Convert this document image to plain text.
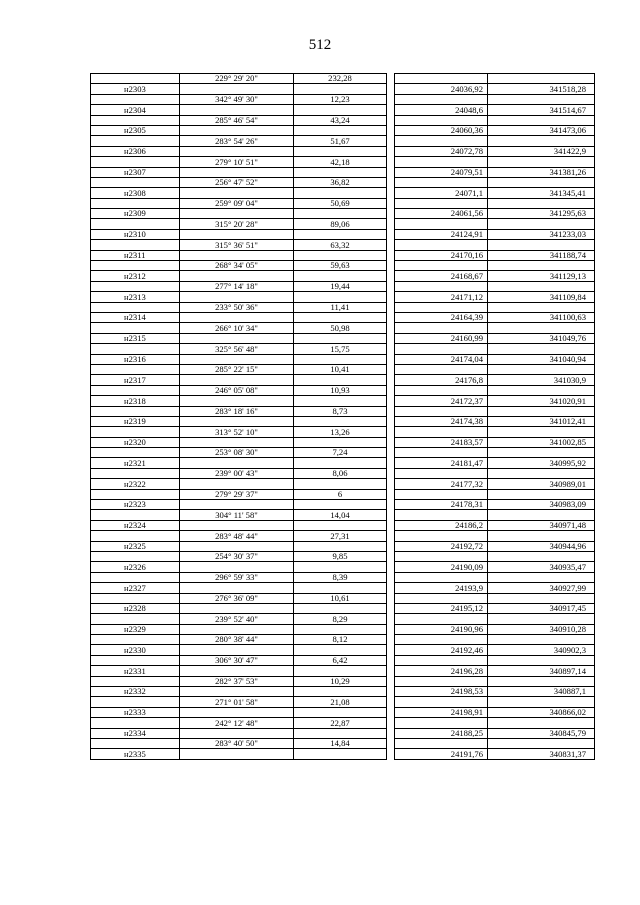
512
	229° 29' 20"	232,28			
н2303				24036,92	341518,28
	342° 49' 30"	12,23			
н2304				24048,6	341514,67
	285° 46' 54"	43,24			
н2305				24060,36	341473,06
	283° 54' 26"	51,67			
н2306				24072,78	341422,9
	279° 10' 51"	42,18			
н2307				24079,51	341381,26
	256° 47' 52"	36,82			
н2308				24071,1	341345,41
	259° 09' 04"	50,69			
н2309				24061,56	341295,63
	315° 20' 28"	89,06			
н2310				24124,91	341233,03
	315° 36' 51"	63,32			
н2311				24170,16	341188,74
	268° 34' 05"	59,63			
н2312				24168,67	341129,13
	277° 14' 18"	19,44			
н2313				24171,12	341109,84
	233° 50' 36"	11,41			
н2314				24164,39	341100,63
	266° 10' 34"	50,98			
н2315				24160,99	341049,76
	325° 56' 48"	15,75			
н2316				24174,04	341040,94
	285° 22' 15"	10,41			
н2317				24176,8	341030,9
	246° 05' 08"	10,93			
н2318				24172,37	341020,91
	283° 18' 16"	8,73			
н2319				24174,38	341012,41
	313° 52' 10"	13,26			
н2320				24183,57	341002,85
	253° 08' 30"	7,24			
н2321				24181,47	340995,92
	239° 00' 43"	8,06			
н2322				24177,32	340989,01
	279° 29' 37"	6			
н2323				24178,31	340983,09
	304° 11' 58"	14,04			
н2324				24186,2	340971,48
	283° 48' 44"	27,31			
н2325				24192,72	340944,96
	254° 30' 37"	9,85			
н2326				24190,09	340935,47
	296° 59' 33"	8,39			
н2327				24193,9	340927,99
	276° 36' 09"	10,61			
н2328				24195,12	340917,45
	239° 52' 40"	8,29			
н2329				24190,96	340910,28
	280° 38' 44"	8,12			
н2330				24192,46	340902,3
	306° 30' 47"	6,42			
н2331				24196,28	340897,14
	282° 37' 53"	10,29			
н2332				24198,53	340887,1
	271° 01' 58"	21,08			
н2333				24198,91	340866,02
	242° 12' 48"	22,87			
н2334				24188,25	340845,79
	283° 40' 50"	14,84			
н2335				24191,76	340831,37
